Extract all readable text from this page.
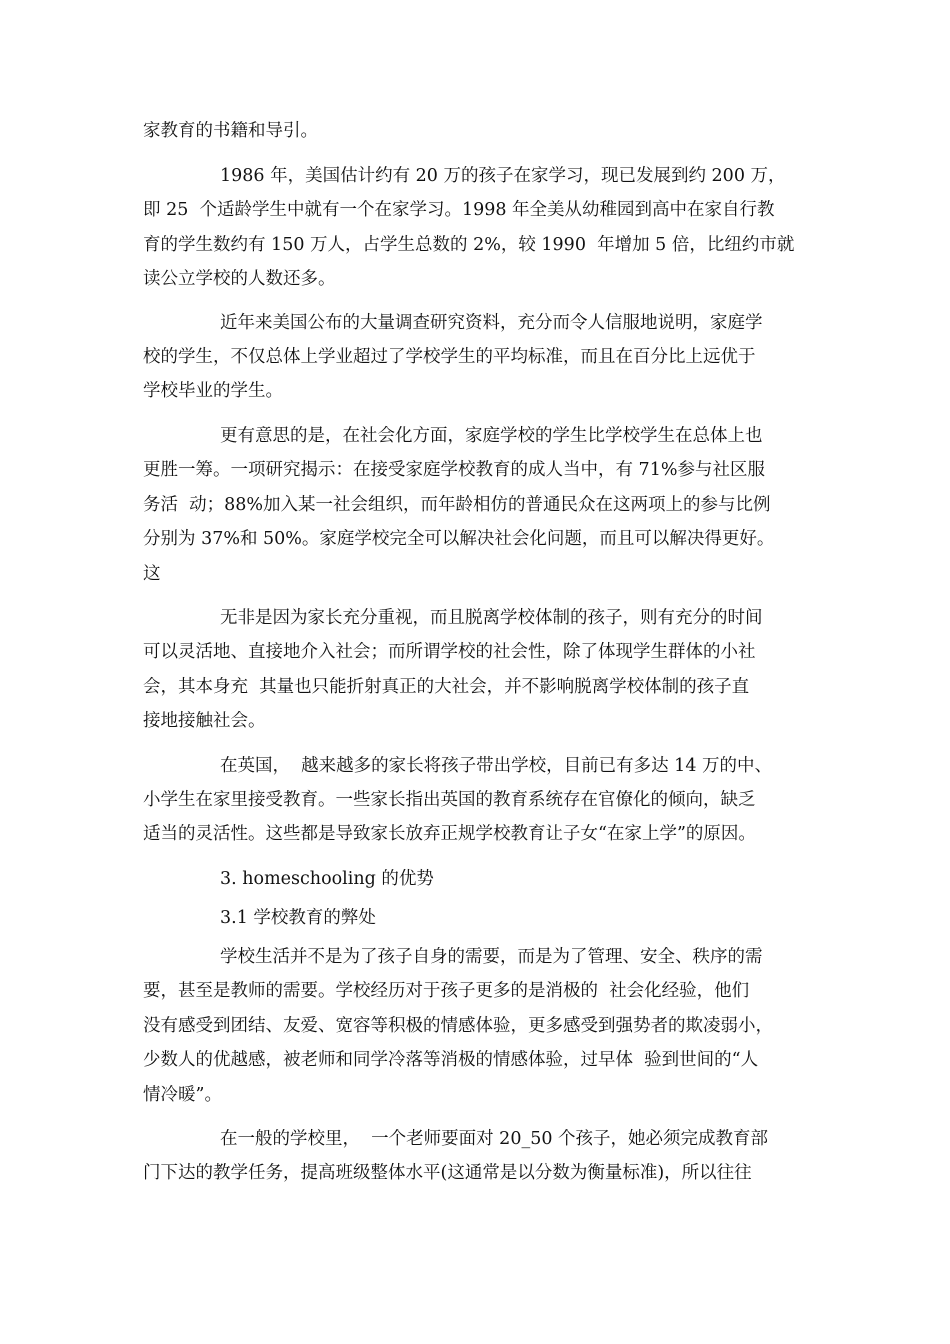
家教育的书籍和导引。

1986 年，美国估计约有 20 万的孩子在家学习，现已发展到约 200 万，

即 25  个适龄学生中就有一个在家学习。1998 年全美从幼稚园到高中在家自行教

育的学生数约有 150 万人，占学生总数的 2%，较 1990  年增加 5 倍，比纽约市就

读公立学校的人数还多。

近年来美国公布的大量调查研究资料，充分而令人信服地说明，家庭学

校的学生，不仅总体上学业超过了学校学生的平均标准，而且在百分比上远优于

学校毕业的学生。

更有意思的是，在社会化方面，家庭学校的学生比学校学生在总体上也

更胜一筹。一项研究揭示：在接受家庭学校教育的成人当中，有 71%参与社区服

务活  动；88%加入某一社会组织，而年龄相仿的普通民众在这两项上的参与比例

分别为 37%和 50%。家庭学校完全可以解决社会化问题，而且可以解决得更好。

这

无非是因为家长充分重视，而且脱离学校体制的孩子，则有充分的时间

可以灵活地、直接地介入社会；而所谓学校的社会性，除了体现学生群体的小社

会，其本身充  其量也只能折射真正的大社会，并不影响脱离学校体制的孩子直

接地接触社会。

在英国，  越来越多的家长将孩子带出学校，目前已有多达 14 万的中、

小学生在家里接受教育。一些家长指出英国的教育系统存在官僚化的倾向，缺乏

适当的灵活性。这些都是导致家长放弃正规学校教育让子女“在家上学”的原因。

3. homeschooling 的优势

3.1 学校教育的弊处

学校生活并不是为了孩子自身的需要，而是为了管理、安全、秩序的需

要，甚至是教师的需要。学校经历对于孩子更多的是消极的  社会化经验，他们

没有感受到团结、友爱、宽容等积极的情感体验，更多感受到强势者的欺凌弱小，

少数人的优越感，被老师和同学冷落等消极的情感体验，过早体  验到世间的“人

情冷暖”。

在一般的学校里，  一个老师要面对 20_50 个孩子，她必须完成教育部

门下达的教学任务，提高班级整体水平(这通常是以分数为衡量标准)，所以往往
